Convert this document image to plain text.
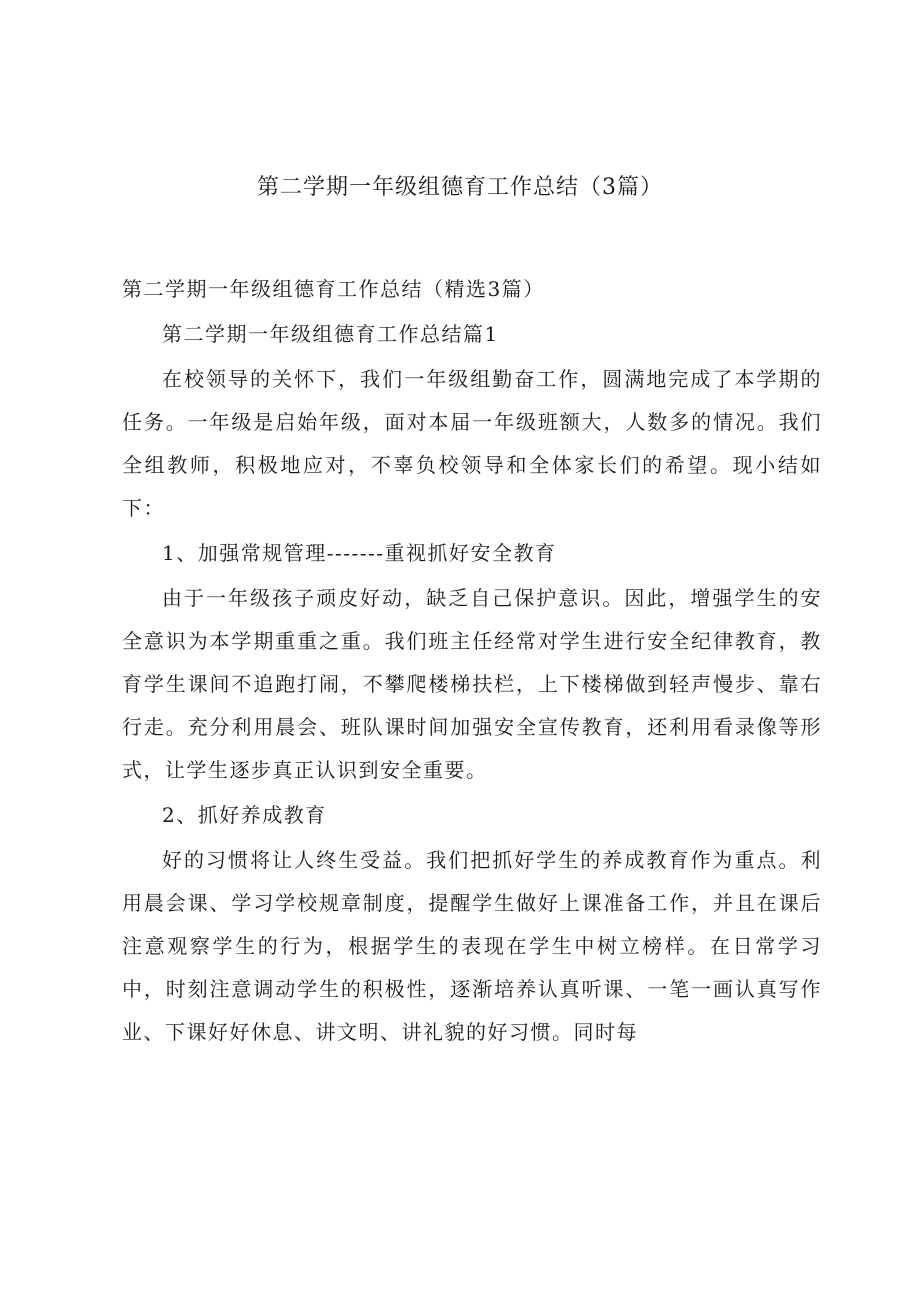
第二学期一年级组德育工作总结（3篇）

第二学期一年级组德育工作总结（精选3篇）

第二学期一年级组德育工作总结篇1

在校领导的关怀下，我们一年级组勤奋工作，圆满地完成了本学期的任务。一年级是启始年级，面对本届一年级班额大，人数多的情况。我们全组教师，积极地应对，不辜负校领导和全体家长们的希望。现小结如下：

1、加强常规管理-------重视抓好安全教育

由于一年级孩子顽皮好动，缺乏自己保护意识。因此，增强学生的安全意识为本学期重重之重。我们班主任经常对学生进行安全纪律教育，教育学生课间不追跑打闹，不攀爬楼梯扶栏，上下楼梯做到轻声慢步、靠右行走。充分利用晨会、班队课时间加强安全宣传教育，还利用看录像等形式，让学生逐步真正认识到安全重要。

2、抓好养成教育

好的习惯将让人终生受益。我们把抓好学生的养成教育作为重点。利用晨会课、学习学校规章制度，提醒学生做好上课准备工作，并且在课后注意观察学生的行为，根据学生的表现在学生中树立榜样。在日常学习中，时刻注意调动学生的积极性，逐渐培养认真听课、一笔一画认真写作业、下课好好休息、讲文明、讲礼貌的好习惯。同时每
